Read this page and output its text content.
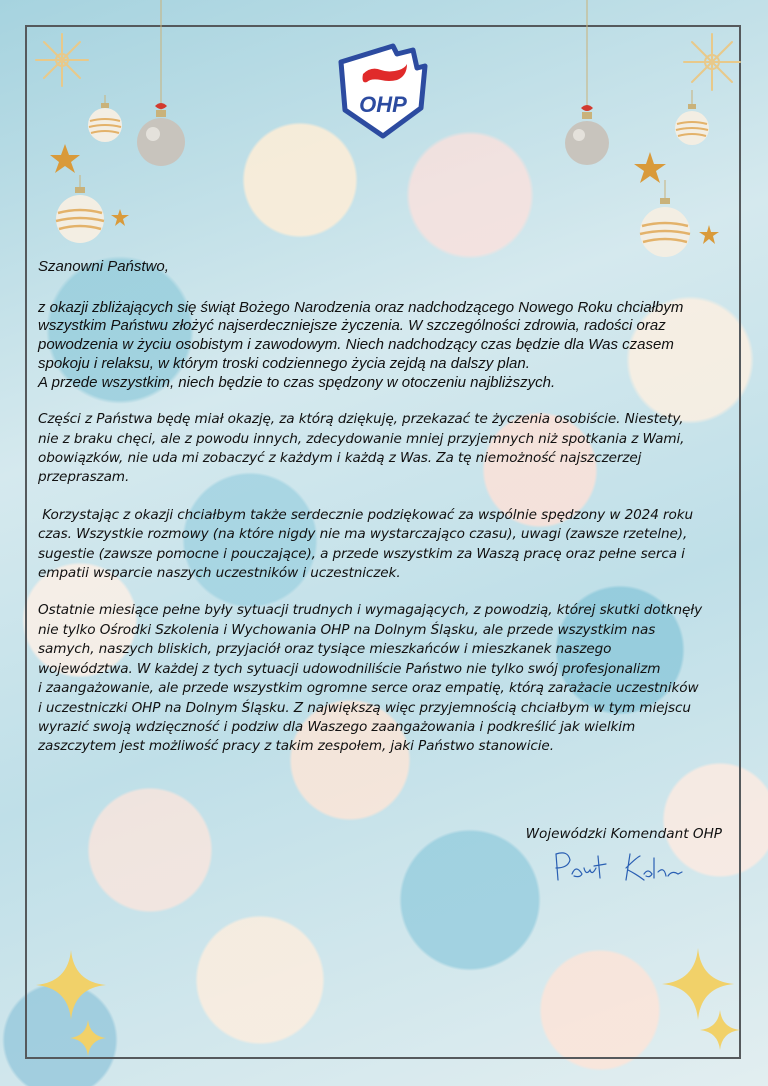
OHP

Szanowni Państwo,

z okazji zbliżających się świąt Bożego Narodzenia oraz nadchodzącego Nowego Roku chciałbym
wszystkim Państwu złożyć najserdeczniejsze życzenia. W szczególności zdrowia, radości oraz
powodzenia w życiu osobistym i zawodowym. Niech nadchodzący czas będzie dla Was czasem
spokoju i relaksu, w którym troski codziennego życia zejdą na dalszy plan.
A przede wszystkim, niech będzie to czas spędzony w otoczeniu najbliższych.

Części z Państwa będę miał okazję, za którą dziękuję, przekazać te życzenia osobiście. Niestety,
nie z braku chęci, ale z powodu innych, zdecydowanie mniej przyjemnych niż spotkania z Wami,
obowiązków, nie uda mi zobaczyć z każdym i każdą z Was. Za tę niemożność najszczerzej
przepraszam.

Korzystając z okazji chciałbym także serdecznie podziękować za wspólnie spędzony w 2024 roku
czas. Wszystkie rozmowy (na które nigdy nie ma wystarczająco czasu), uwagi (zawsze rzetelne),
sugestie (zawsze pomocne i pouczające), a przede wszystkim za Waszą pracę oraz pełne serca i
empatii wsparcie naszych uczestników i uczestniczek.

Ostatnie miesiące pełne były sytuacji trudnych i wymagających, z powodzią, której skutki dotknęły
nie tylko Ośrodki Szkolenia i Wychowania OHP na Dolnym Śląsku, ale przede wszystkim nas
samych, naszych bliskich, przyjaciół oraz tysiące mieszkańców i mieszkanek naszego
województwa. W każdej z tych sytuacji udowodniliście Państwo nie tylko swój profesjonalizm
i zaangażowanie, ale przede wszystkim ogromne serce oraz empatię, którą zarażacie uczestników
i uczestniczki OHP na Dolnym Śląsku. Z największą więc przyjemnością chciałbym w tym miejscu
wyrazić swoją wdzięczność i podziw dla Waszego zaangażowania i podkreślić jak wielkim
zaszczytem jest możliwość pracy z takim zespołem, jaki Państwo stanowicie.

Wojewódzki Komendant OHP
